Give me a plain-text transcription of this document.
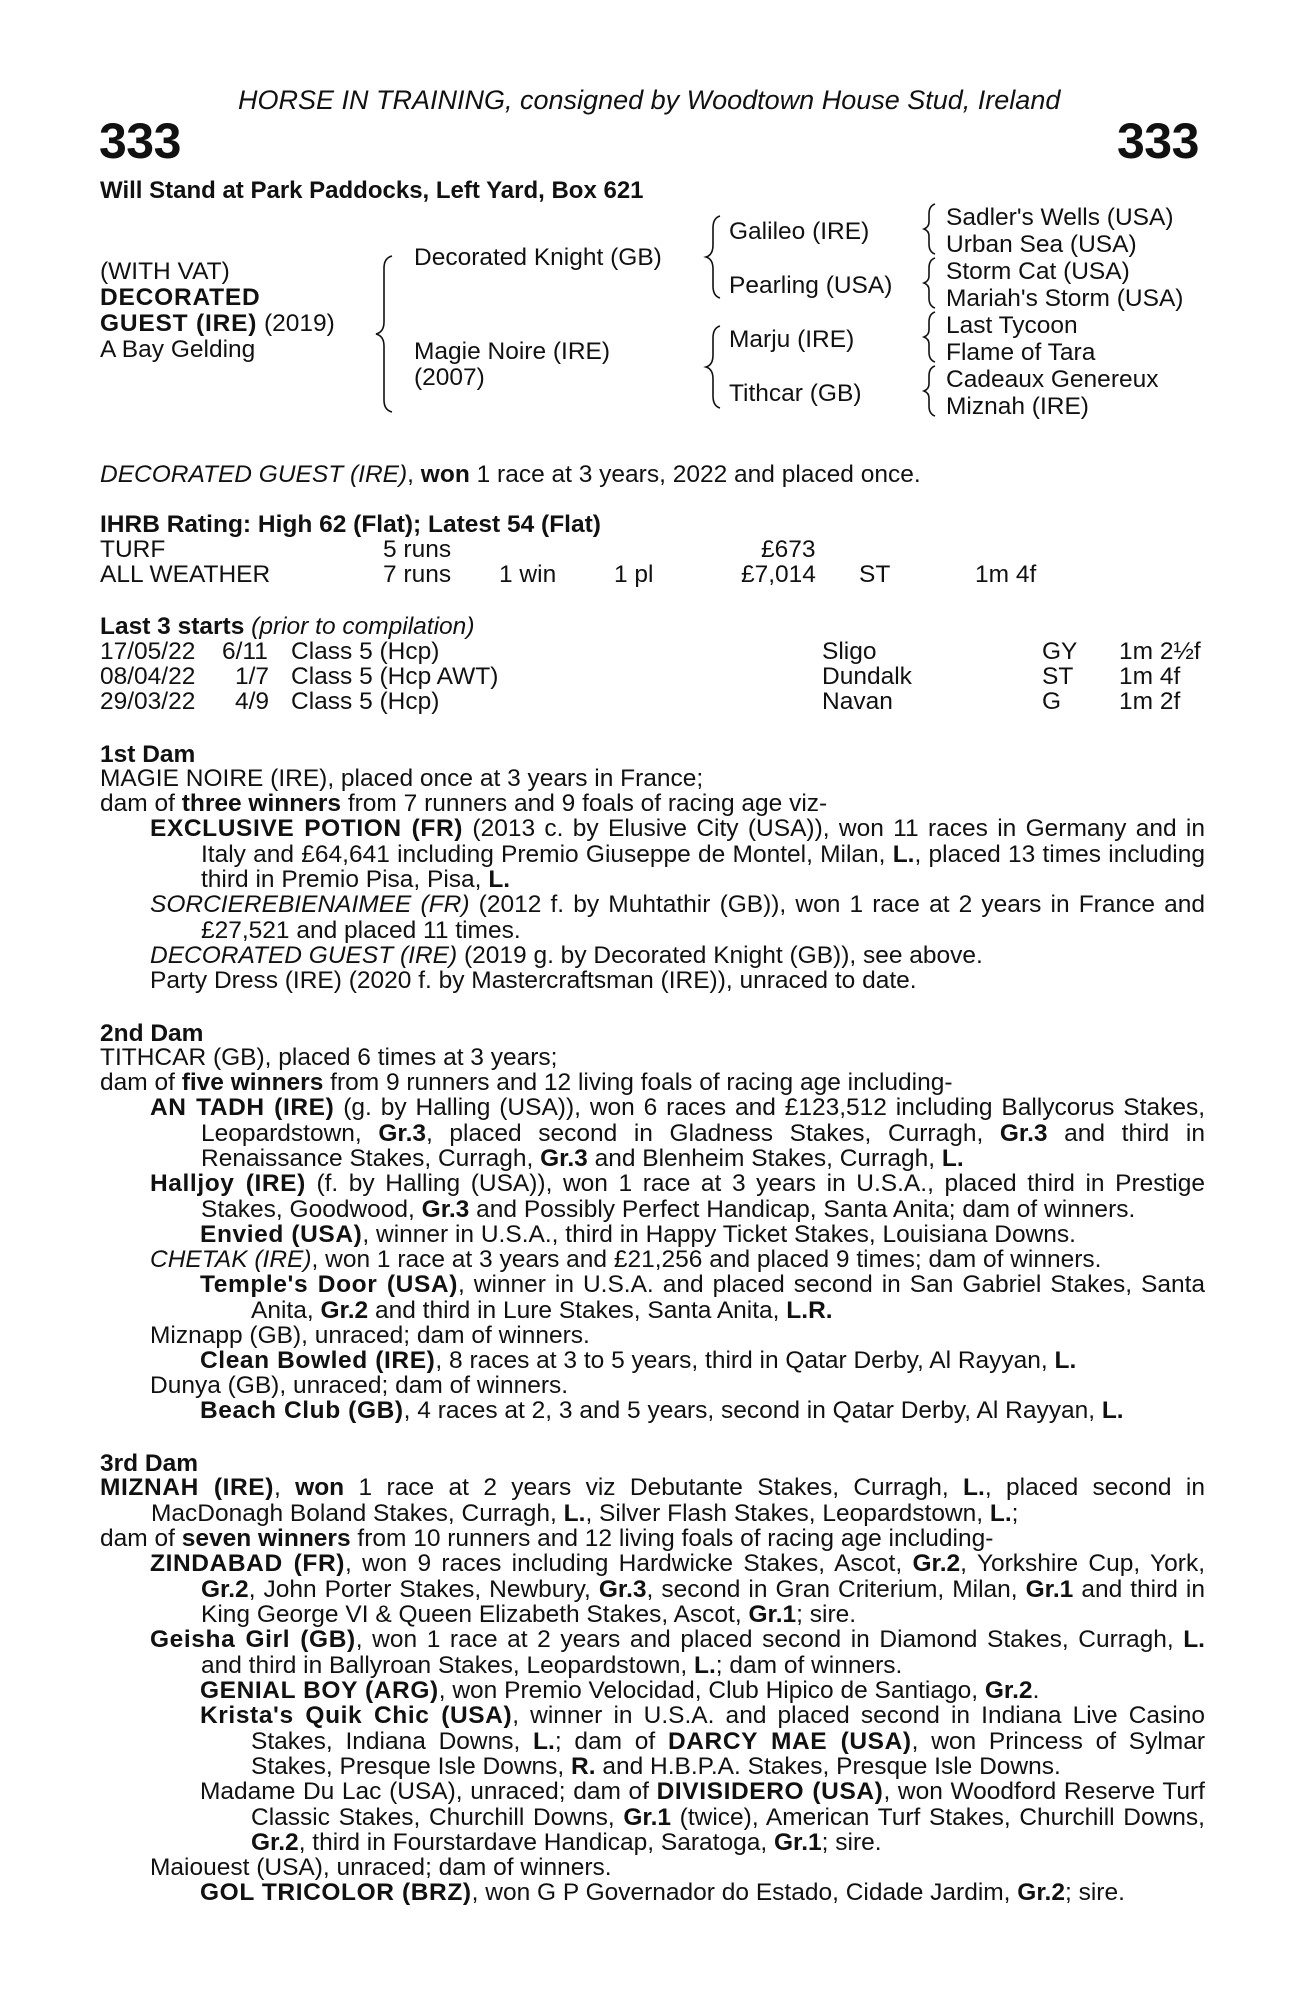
HORSE IN TRAINING, consigned by Woodtown House Stud, Ireland
333	333
Will Stand at Park Paddocks, Left Yard, Box 621
(WITH VAT)
DECORATED
GUEST (IRE) (2019)
A Bay Gelding
Decorated Knight (GB)
Magie Noire (IRE)
(2007)
Galileo (IRE)
Pearling (USA)
Marju (IRE)
Tithcar (GB)
Sadler's Wells (USA)
Urban Sea (USA)
Storm Cat (USA)
Mariah's Storm (USA)
Last Tycoon
Flame of Tara
Cadeaux Genereux
Miznah (IRE)
DECORATED GUEST (IRE), won 1 race at 3 years, 2022 and placed once.
IHRB Rating: High 62 (Flat); Latest 54 (Flat)
TURF	5 runs	£673
ALL WEATHER	7 runs 1 win 1 pl	£7,014 ST	1m 4f
Last 3 starts (prior to compilation)
17/05/22 6/11 Class 5 (Hcp)	Sligo	GY 1m 2½f
08/04/22 1/7 Class 5 (Hcp AWT)	Dundalk	ST 1m 4f
29/03/22 4/9 Class 5 (Hcp)	Navan	G 1m 2f
1st Dam
MAGIE NOIRE (IRE), placed once at 3 years in France;
dam of three winners from 7 runners and 9 foals of racing age viz-
EXCLUSIVE POTION (FR) (2013 c. by Elusive City (USA)), won 11 races in Germany and in Italy and £64,641 including Premio Giuseppe de Montel, Milan, L., placed 13 times including third in Premio Pisa, Pisa, L.
SORCIEREBIENAIMEE (FR) (2012 f. by Muhtathir (GB)), won 1 race at 2 years in France and £27,521 and placed 11 times.
DECORATED GUEST (IRE) (2019 g. by Decorated Knight (GB)), see above.
Party Dress (IRE) (2020 f. by Mastercraftsman (IRE)), unraced to date.
2nd Dam
TITHCAR (GB), placed 6 times at 3 years;
dam of five winners from 9 runners and 12 living foals of racing age including-
AN TADH (IRE) (g. by Halling (USA)), won 6 races and £123,512 including Ballycorus Stakes, Leopardstown, Gr.3, placed second in Gladness Stakes, Curragh, Gr.3 and third in Renaissance Stakes, Curragh, Gr.3 and Blenheim Stakes, Curragh, L.
Halljoy (IRE) (f. by Halling (USA)), won 1 race at 3 years in U.S.A., placed third in Prestige Stakes, Goodwood, Gr.3 and Possibly Perfect Handicap, Santa Anita; dam of winners.
Envied (USA), winner in U.S.A., third in Happy Ticket Stakes, Louisiana Downs.
CHETAK (IRE), won 1 race at 3 years and £21,256 and placed 9 times; dam of winners.
Temple's Door (USA), winner in U.S.A. and placed second in San Gabriel Stakes, Santa Anita, Gr.2 and third in Lure Stakes, Santa Anita, L.R.
Miznapp (GB), unraced; dam of winners.
Clean Bowled (IRE), 8 races at 3 to 5 years, third in Qatar Derby, Al Rayyan, L.
Dunya (GB), unraced; dam of winners.
Beach Club (GB), 4 races at 2, 3 and 5 years, second in Qatar Derby, Al Rayyan, L.
3rd Dam
MIZNAH (IRE), won 1 race at 2 years viz Debutante Stakes, Curragh, L., placed second in MacDonagh Boland Stakes, Curragh, L., Silver Flash Stakes, Leopardstown, L.;
dam of seven winners from 10 runners and 12 living foals of racing age including-
ZINDABAD (FR), won 9 races including Hardwicke Stakes, Ascot, Gr.2, Yorkshire Cup, York, Gr.2, John Porter Stakes, Newbury, Gr.3, second in Gran Criterium, Milan, Gr.1 and third in King George VI & Queen Elizabeth Stakes, Ascot, Gr.1; sire.
Geisha Girl (GB), won 1 race at 2 years and placed second in Diamond Stakes, Curragh, L. and third in Ballyroan Stakes, Leopardstown, L.; dam of winners.
GENIAL BOY (ARG), won Premio Velocidad, Club Hipico de Santiago, Gr.2.
Krista's Quik Chic (USA), winner in U.S.A. and placed second in Indiana Live Casino Stakes, Indiana Downs, L.; dam of DARCY MAE (USA), won Princess of Sylmar Stakes, Presque Isle Downs, R. and H.B.P.A. Stakes, Presque Isle Downs.
Madame Du Lac (USA), unraced; dam of DIVISIDERO (USA), won Woodford Reserve Turf Classic Stakes, Churchill Downs, Gr.1 (twice), American Turf Stakes, Churchill Downs, Gr.2, third in Fourstardave Handicap, Saratoga, Gr.1; sire.
Maiouest (USA), unraced; dam of winners.
GOL TRICOLOR (BRZ), won G P Governador do Estado, Cidade Jardim, Gr.2; sire.
